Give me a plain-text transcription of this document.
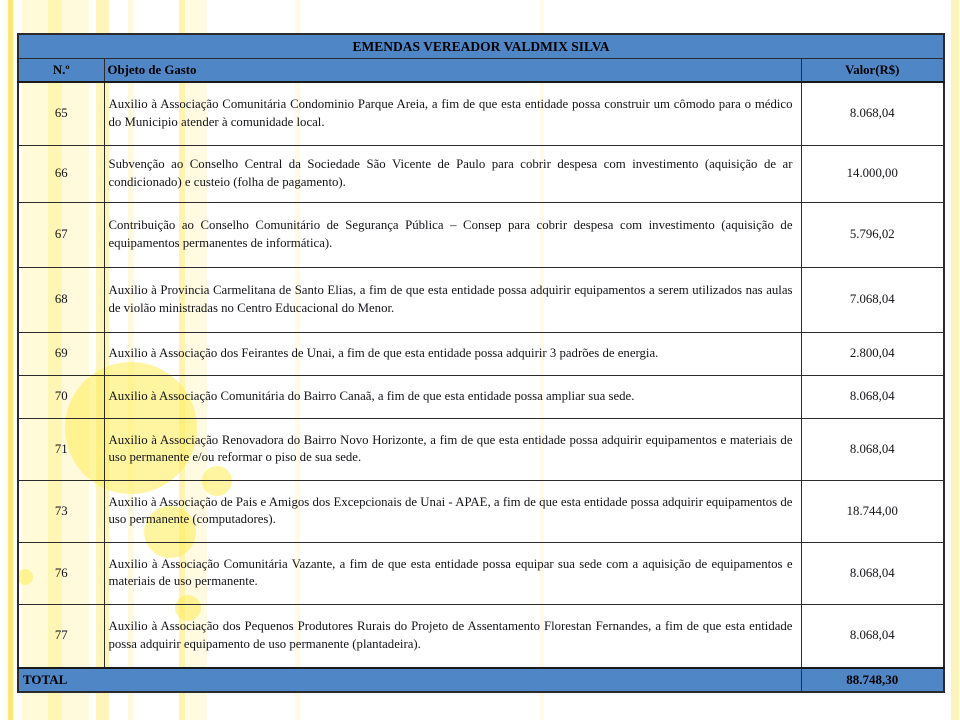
EMENDAS VEREADOR VALDMIX SILVA		
N.º	Objeto de Gasto	Valor(R$)
65	Auxilio à Associação Comunitária Condominio Parque Areia, a fim de que esta entidade possa construir um cômodo para o médico do Municipio atender à comunidade local.	8.068,04
66	Subvenção ao Conselho Central da Sociedade São Vicente de Paulo para cobrir despesa com investimento (aquisição de ar condicionado) e custeio (folha de pagamento).	14.000,00
67	Contribuição ao Conselho Comunitário de Segurança Pública – Consep para cobrir despesa com investimento (aquisição de equipamentos permanentes de informática).	5.796,02
68	Auxilio à Provincia Carmelitana de Santo Elias, a fim de que esta entidade possa adquirir equipamentos a serem utilizados nas aulas de violão ministradas no Centro Educacional do Menor.	7.068,04
69	Auxilio à Associação dos Feirantes de Unai, a fim de que esta entidade possa adquirir 3 padrões de energia.	2.800,04
70	Auxilio à Associação Comunitária do Bairro Canaã, a fim de que esta entidade possa ampliar sua sede.	8.068,04
71	Auxilio à Associação Renovadora do Bairro Novo Horizonte, a fim de que esta entidade possa adquirir equipamentos e materiais de uso permanente e/ou reformar o piso de sua sede.	8.068,04
73	Auxilio à Associação de Pais e Amigos dos Excepcionais de Unai - APAE, a fim de que esta entidade possa adquirir equipamentos de uso permanente (computadores).	18.744,00
76	Auxilio à Associação Comunitária Vazante, a fim de que esta entidade possa equipar sua sede com a aquisição de equipamentos e materiais de uso permanente.	8.068,04
77	Auxilio à Associação dos Pequenos Produtores Rurais do Projeto de Assentamento Florestan Fernandes, a fim de que esta entidade possa adquirir equipamento de uso permanente (plantadeira).	8.068,04
TOTAL		88.748,30
